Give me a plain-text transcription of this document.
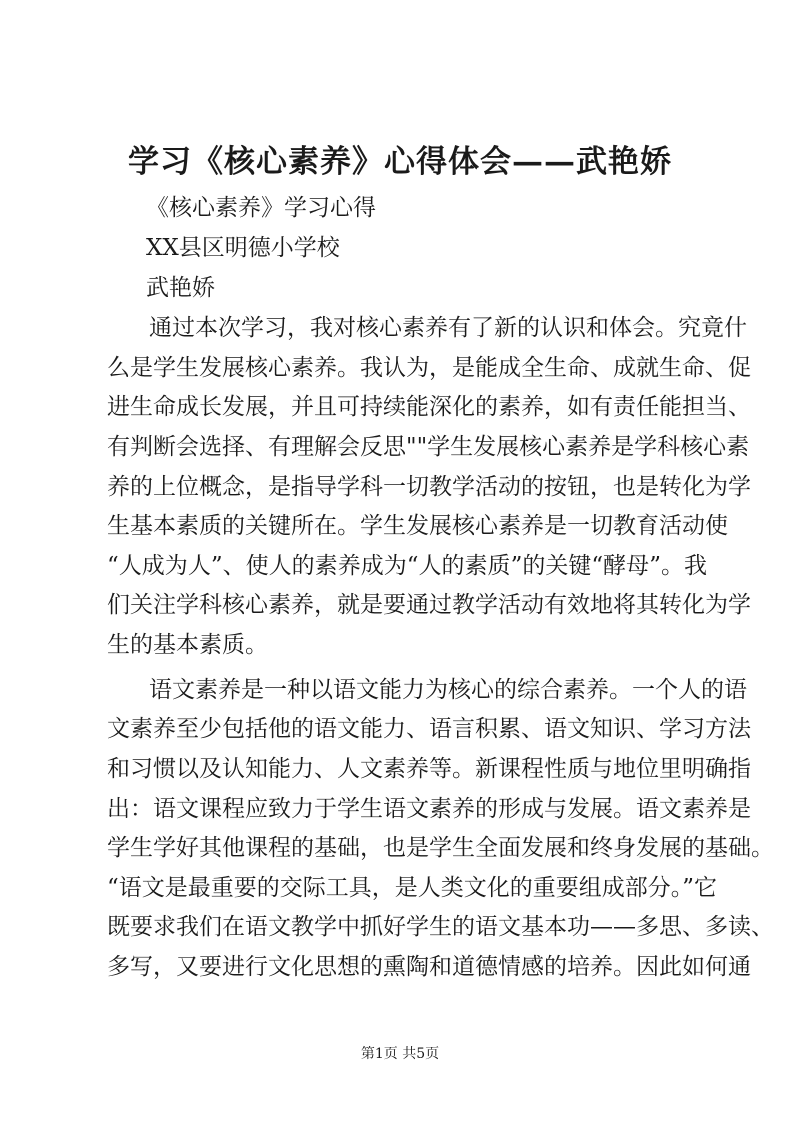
学习《核心素养》心得体会——武艳娇
《核心素养》学习心得
XX县区明德小学校
武艳娇
通过本次学习，我对核心素养有了新的认识和体会。究竟什
么是学生发展核心素养。我认为，是能成全生命、成就生命、促
进生命成长发展，并且可持续能深化的素养，如有责任能担当、
有判断会选择、有理解会反思""学生发展核心素养是学科核心素
养的上位概念，是指导学科一切教学活动的按钮，也是转化为学
生基本素质的关键所在。学生发展核心素养是一切教育活动使
“人成为人”、使人的素养成为“人的素质”的关键“酵母”。我
们关注学科核心素养，就是要通过教学活动有效地将其转化为学
生的基本素质。
语文素养是一种以语文能力为核心的综合素养。一个人的语
文素养至少包括他的语文能力、语言积累、语文知识、学习方法
和习惯以及认知能力、人文素养等。新课程性质与地位里明确指
出：语文课程应致力于学生语文素养的形成与发展。语文素养是
学生学好其他课程的基础，也是学生全面发展和终身发展的基础。
“语文是最重要的交际工具，是人类文化的重要组成部分。”它
既要求我们在语文教学中抓好学生的语文基本功——多思、多读、
多写，又要进行文化思想的熏陶和道德情感的培养。因此如何通
第1页 共5页
